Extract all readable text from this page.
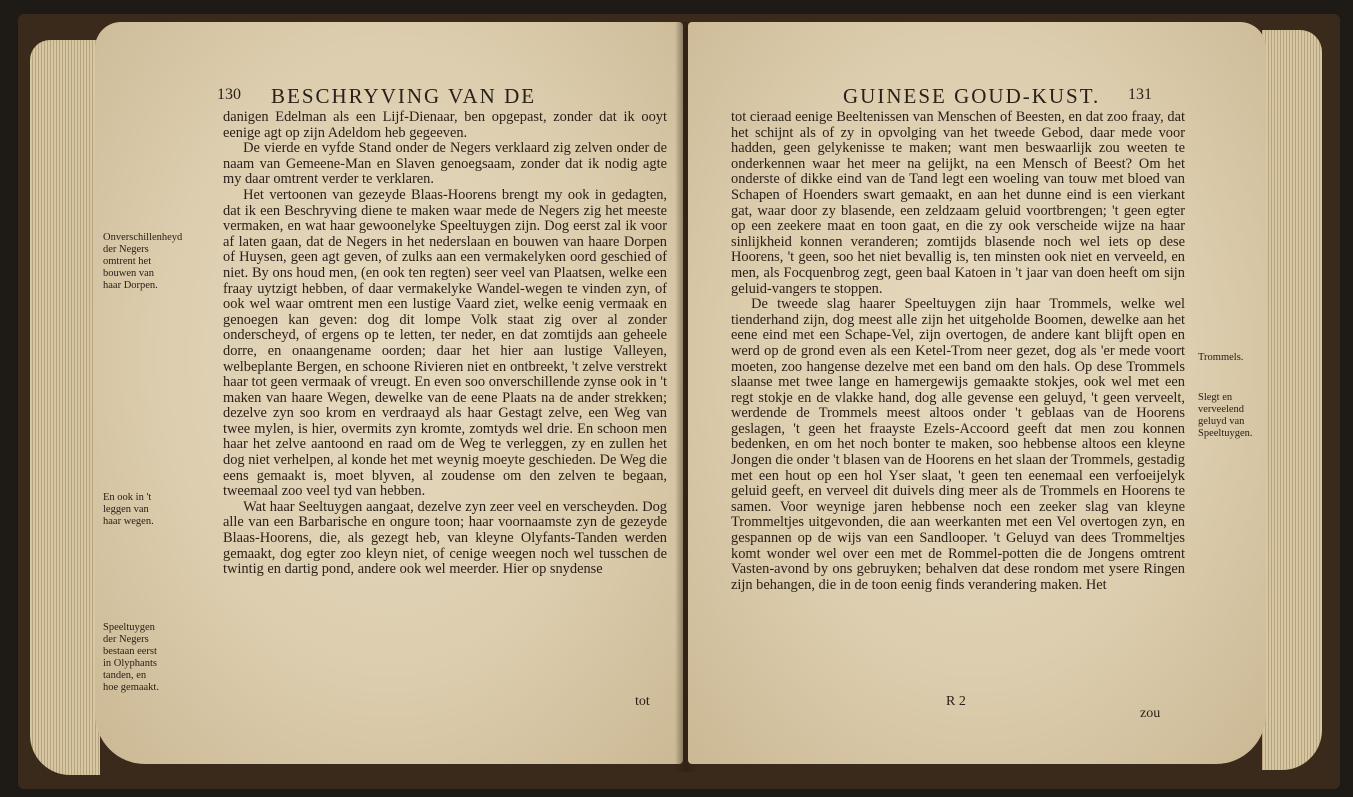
130 BESCHRYVING VAN DE

Onverschillenheyd der Negers omtrent het bouwen van haar Dorpen.

En ook in 't leggen van haar wegen.

Speeltuygen der Negers bestaan eerst in Olyphants tanden, en hoe gemaakt.

danigen Edelman als een Lijf-Dienaar, ben opgepast, zonder dat ik ooyt eenige agt op zijn Adeldom heb gegeeven.

De vierde en vyfde Stand onder de Negers verklaard zig zelven onder de naam van Gemeene-Man en Slaven genoegsaam, zonder dat ik nodig agte my daar omtrent verder te verklaren.

Het vertoonen van gezeyde Blaas-Hoorens brengt my ook in gedagten, dat ik een Beschryving diene te maken waar mede de Negers zig het meeste vermaken, en wat haar gewoonelyke Speeltuygen zijn. Dog eerst zal ik voor af laten gaan, dat de Negers in het nederslaan en bouwen van haare Dorpen of Huysen, geen agt geven, of zulks aan een vermakelyken oord geschied of niet. By ons houd men, (en ook ten regten) seer veel van Plaatsen, welke een fraay uytzigt hebben, of daar vermakelyke Wandel-wegen te vinden zyn, of ook wel waar omtrent men een lustige Vaard ziet, welke eenig vermaak en genoegen kan geven: dog dit lompe Volk staat zig over al zonder onderscheyd, of ergens op te letten, ter neder, en dat zomtijds aan geheele dorre, en onaangename oorden; daar het hier aan lustige Valleyen, welbeplante Bergen, en schoone Rivieren niet en ontbreekt, 't zelve verstrekt haar tot geen vermaak of vreugt. En even soo onverschillende zynse ook in 't maken van haare Wegen, dewelke van de eene Plaats na de ander strekken; dezelve zyn soo krom en verdraayd als haar Gestagt zelve, een Weg van twee mylen, is hier, overmits zyn kromte, zomtyds wel drie. En schoon men haar het zelve aantoond en raad om de Weg te verleggen, zy en zullen het dog niet verhelpen, al konde het met weynig moeyte geschieden. De Weg die eens gemaakt is, moet blyven, al zoudense om den zelven te begaan, tweemaal zoo veel tyd van hebben.

Wat haar Seeltuygen aangaat, dezelve zyn zeer veel en verscheyden. Dog alle van een Barbarische en ongure toon; haar voornaamste zyn de gezeyde Blaas-Hoorens, die, als gezegt heb, van kleyne Olyfants-Tanden werden gemaakt, dog egter zoo kleyn niet, of cenige weegen noch wel tusschen de twintig en dartig pond, andere ook wel meerder. Hier op snydense

tot
GUINESE GOUD-KUST. 131

tot cieraad eenige Beeltenissen van Menschen of Beesten, en dat zoo fraay, dat het schijnt als of zy in opvolging van het tweede Gebod, daar mede voor hadden, geen gelykenisse te maken; want men beswaarlijk zou weeten te onderkennen waar het meer na gelijkt, na een Mensch of Beest? Om het onderste of dikke eind van de Tand legt een woeling van touw met bloed van Schapen of Hoenders swart gemaakt, en aan het dunne eind is een vierkant gat, waar door zy blasende, een zeldzaam geluid voortbrengen; 't geen egter op een zeekere maat en toon gaat, en die zy ook verscheide wijze na haar sinlijkheid konnen veranderen; zomtijds blasende noch wel iets op dese Hoorens, 't geen, soo het niet bevallig is, ten minsten ook niet en verveeld, en men, als Focquenbrog zegt, geen baal Katoen in 't jaar van doen heeft om sijn geluid-vangers te stoppen.

De tweede slag haarer Speeltuygen zijn haar Trommels, welke wel tienderhand zijn, dog meest alle zijn het uitgeholde Boomen, dewelke aan het eene eind met een Schape-Vel, zijn overtogen, de andere kant blijft open en werd op de grond even als een Ketel-Trom neer gezet, dog als 'er mede voort moeten, zoo hangense dezelve met een band om den hals. Op dese Trommels slaanse met twee lange en hamergewijs gemaakte stokjes, ook wel met een regt stokje en de vlakke hand, dog alle gevense een geluyd, 't geen verveelt, werdende de Trommels meest altoos onder 't geblaas van de Hoorens geslagen, 't geen het fraayste Ezels-Accoord geeft dat men zou konnen bedenken, en om het noch bonter te maken, soo hebbense altoos een kleyne Jongen die onder 't blasen van de Hoorens en het slaan der Trommels, gestadig met een hout op een hol Yser slaat, 't geen ten eenemaal een verfoeijelyk geluid geeft, en verveel dit duivels ding meer als de Trommels en Hoorens te samen. Voor weynige jaren hebbense noch een zeeker slag van kleyne Trommeltjes uitgevonden, die aan weerkanten met een Vel overtogen zyn, en gespannen op de wijs van een Sandlooper. 't Geluyd van dees Trommeltjes komt wonder wel over een met de Rommel-potten die de Jongens omtrent Vasten-avond by ons gebruyken; behalven dat dese rondom met ysere Ringen zijn behangen, die in de toon eenig finds verandering maken. Het

Trommels.

Slegt en verveelend geluyd van Speeltuygen.

R 2
zou
